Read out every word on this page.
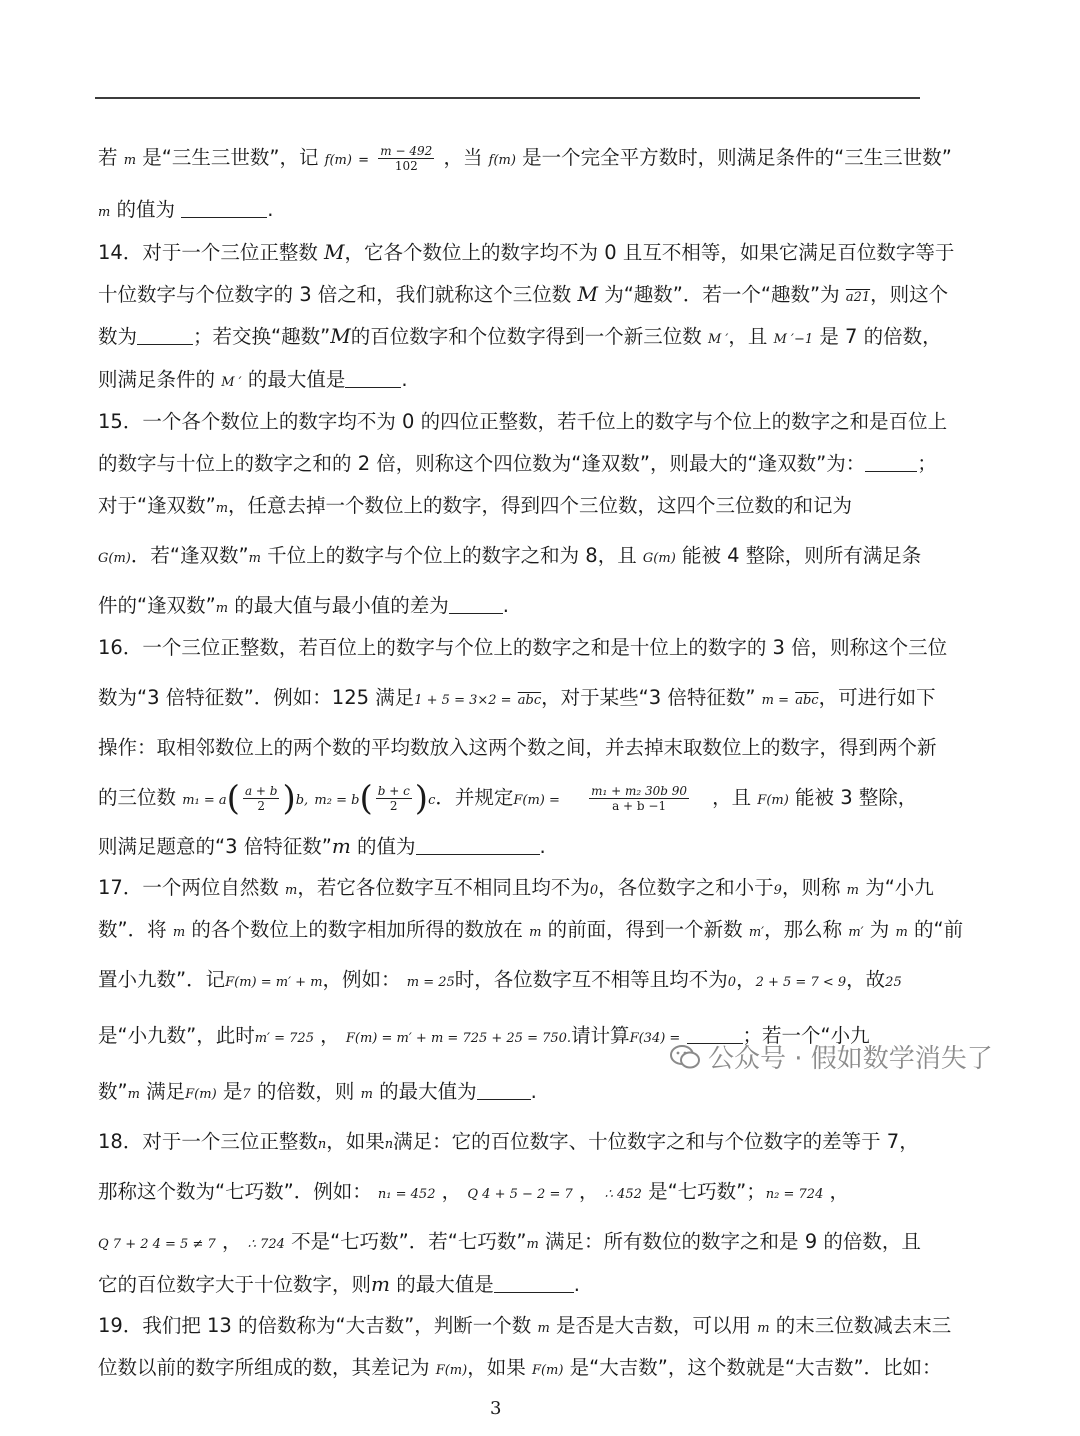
若 m 是“三生三世数”，记 $f(m) = \frac{m - 492}{102}$ ，当 f(m) 是一个完全平方数时，则满足条件的“三生三世数”
m 的值为	.
14．对于一个三位正整数 M，它各个数位上的数字均不为 0 且互不相等，如果它满足百位数字等于
十位数字与个位数字的 3 倍之和，我们就称这个三位数 M 为“趣数”．若一个“趣数”为 a21，则这个
数为	；若交换“趣数”M的百位数字和个位数字得到一个新三位数 M ′，且 M ′−1 是 7 的倍数，
则满足条件的 M ′ 的最大值是	.
15．一个各个数位上的数字均不为 0 的四位正整数，若千位上的数字与个位上的数字之和是百位上
的数字与十位上的数字之和的 2 倍，则称这个四位数为“逢双数”，则最大的“逢双数”为：	；
对于“逢双数”m，任意去掉一个数位上的数字，得到四个三位数，这四个三位数的和记为
G(m)．若“逢双数”m 千位上的数字与个位上的数字之和为 8，且 G(m) 能被 4 整除，则所有满足条
件的“逢双数”m 的最大值与最小值的差为	.
16．一个三位正整数，若百位上的数字与个位上的数字之和是十位上的数字的 3 倍，则称这个三位
数为“3 倍特征数”．例如：125 满足$1 + 5 = 3\times 2 = \overline{abc}$，对于某些“3 倍特征数” $m = \overline{abc}$，可进行如下
操作：取相邻数位上的两个数的平均数放入这两个数之间，并去掉末取数位上的数字，得到两个新
的三位数 $m_1 = a( \frac{a + b}{2} )b$, $m_2 = b( \frac{b + c}{2} )c$．并规定$F(m) = \frac{\text{m₁ + m₂ 30b 90}}{a + b -1}$ ，且 F(m) 能被 3 整除，
则满足题意的“3 倍特征数”m 的值为	.
17．一个两位自然数 m，若它各位数字互不相同且均不为0，各位数字之和小于9，则称 m 为“小九
数”．将 m 的各个数位上的数字相加所得的数放在 m 的前面，得到一个新数 m′，那么称 m′ 为 m 的“前
置小九数”．记F(m) = m′ + m，例如： m = 25时，各位数字互不相等且均不为0，2 + 5 = 7 < 9，故25
是“小九数”，此时m′ = 725 ， F(m) = m′ + m = 725 + 25 = 750.请计算F(34) =	；若一个“小九
数”m 满足F(m) 是7 的倍数，则 m 的最大值为	.
18．对于一个三位正整数n，如果n满足：它的百位数字、十位数字之和与个位数字的差等于 7，
那称这个数为“七巧数”．例如： n₁ = 452 ， Q 4 + 5 − 2 = 7 ， ∴ 452 是“七巧数”；n₂ = 724 ，
Q 7 + 2 4 = 5 ≠ 7 ， ∴ 724 不是“七巧数”．若“七巧数”m 满足：所有数位的数字之和是 9 的倍数，且
它的百位数字大于十位数字，则m 的最大值是	.
19．我们把 13 的倍数称为“大吉数”，判断一个数 m 是否是大吉数，可以用 m 的末三位数减去末三
位数以前的数字所组成的数，其差记为 F(m)，如果 F(m) 是“大吉数”，这个数就是“大吉数”．比如：
公众号 · 假如数学消失了
3
